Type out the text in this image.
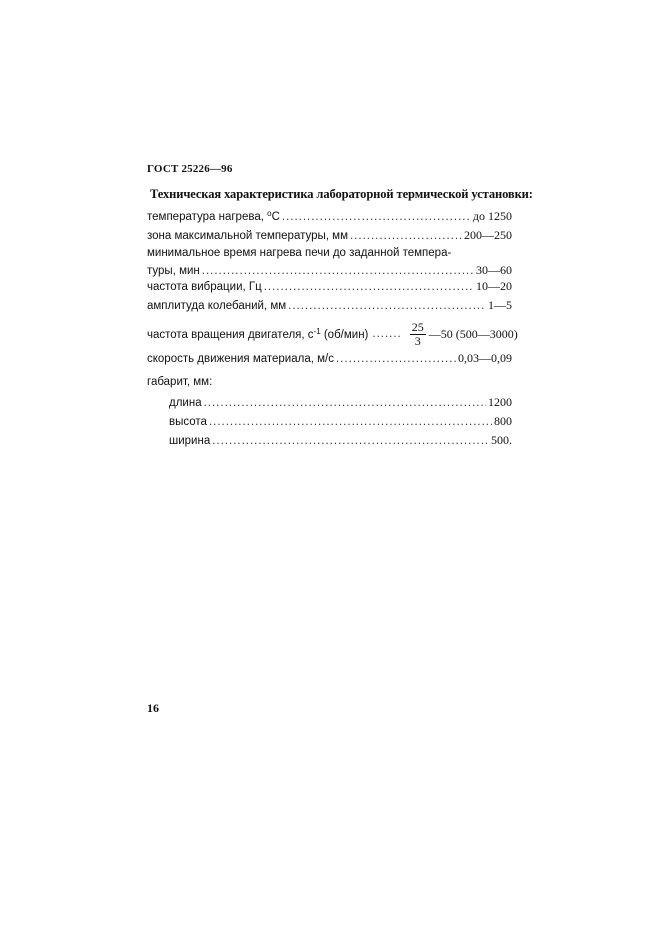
ГОСТ 25226—96
Техническая характеристика лабораторной термической установки:
температура нагрева, $^o$С .....	до 1250
зона максимальной температуры, мм .....	200—250
минимальное время нагрева печи до заданной темпера-
туры, мин .....	30—60
частота вибрации, Гц .....	10—20
амплитуда колебаний, мм .....	1—5
частота вращения двигателя, $с^{-1}$ (об/мин) ....... $\frac{25}{3}$ —50 (500—3000)
скорость движения материала, м/с .....	0,03—0,09
габарит, мм:
длина .....	1200
высота .....	800
ширина .....	500.
16
